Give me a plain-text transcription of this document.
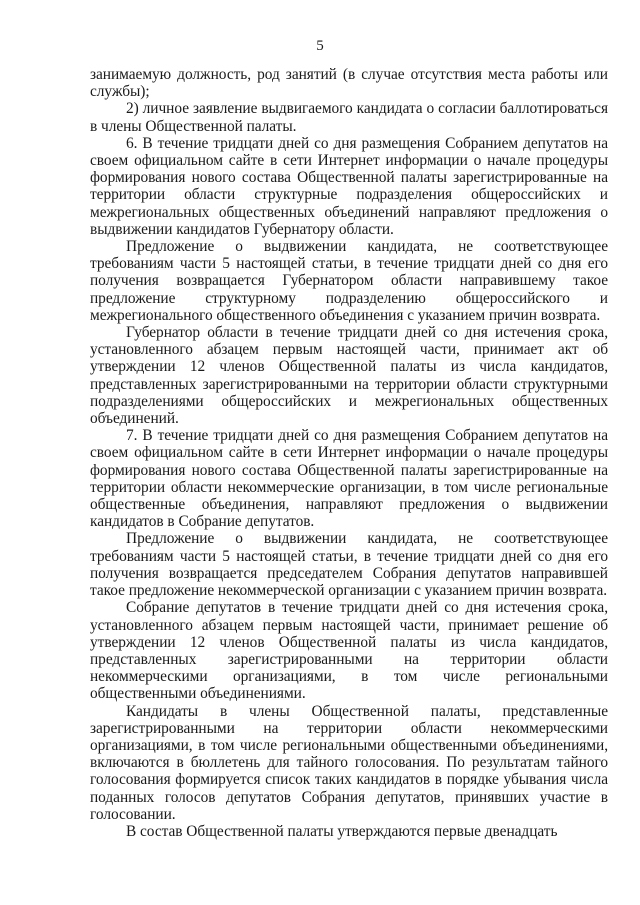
5

занимаемую должность, род занятий (в случае отсутствия места работы или службы);

2) личное заявление выдвигаемого кандидата о согласии баллотироваться в члены Общественной палаты.

6. В течение тридцати дней со дня размещения Собранием депутатов на своем официальном сайте в сети Интернет информации о начале процедуры формирования нового состава Общественной палаты зарегистрированные на территории области структурные подразделения общероссийских и межрегиональных общественных объединений направляют предложения о выдвижении кандидатов Губернатору области.

Предложение о выдвижении кандидата, не соответствующее требованиям части 5 настоящей статьи, в течение тридцати дней со дня его получения возвращается Губернатором области направившему такое предложение структурному подразделению общероссийского и межрегионального общественного объединения с указанием причин возврата.

Губернатор области в течение тридцати дней со дня истечения срока, установленного абзацем первым настоящей части, принимает акт об утверждении 12 членов Общественной палаты из числа кандидатов, представленных зарегистрированными на территории области структурными подразделениями общероссийских и межрегиональных общественных объединений.

7. В течение тридцати дней со дня размещения Собранием депутатов на своем официальном сайте в сети Интернет информации о начале процедуры формирования нового состава Общественной палаты зарегистрированные на территории области некоммерческие организации, в том числе региональные общественные объединения, направляют предложения о выдвижении кандидатов в Собрание депутатов.

Предложение о выдвижении кандидата, не соответствующее требованиям части 5 настоящей статьи, в течение тридцати дней со дня его получения возвращается председателем Собрания депутатов направившей такое предложение некоммерческой организации с указанием причин возврата.

Собрание депутатов в течение тридцати дней со дня истечения срока, установленного абзацем первым настоящей части, принимает решение об утверждении 12 членов Общественной палаты из числа кандидатов, представленных зарегистрированными на территории области некоммерческими организациями, в том числе региональными общественными объединениями.

Кандидаты в члены Общественной палаты, представленные зарегистрированными на территории области некоммерческими организациями, в том числе региональными общественными объединениями, включаются в бюллетень для тайного голосования. По результатам тайного голосования формируется список таких кандидатов в порядке убывания числа поданных голосов депутатов Собрания депутатов, принявших участие в голосовании.

В состав Общественной палаты утверждаются первые двенадцать
